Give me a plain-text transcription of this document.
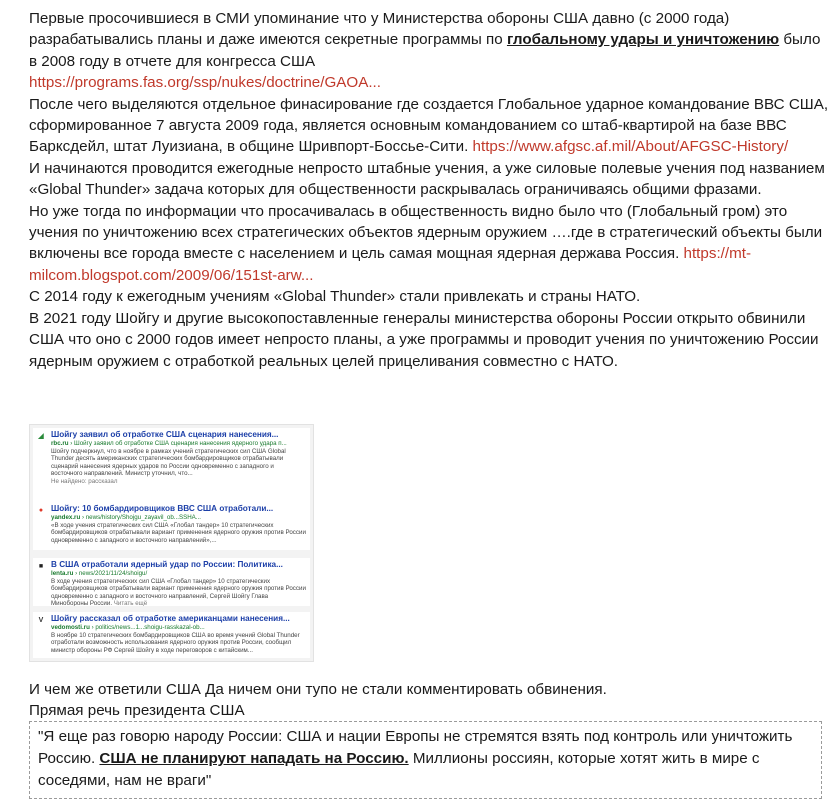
Первые просочившиеся в СМИ упоминание что у Министерства обороны США давно (с 2000 года) разрабатывались планы и даже имеются секретные программы по глобальному удары и уничтожению было в 2008 году в отчете для конгресса США

https://programs.fas.org/ssp/nukes/doctrine/GAOA...

После чего выделяются отдельное финасирование где создается Глобальное ударное командование ВВС США, сформированное 7 августа 2009 года, является основным командованием со штаб-квартирой на базе ВВС Барксдейл, штат Луизиана, в общине Шривпорт-Боссье-Сити. https://www.afgsc.af.mil/About/AFGSC-History/

И начинаются проводится ежегодные непросто штабные учения, а уже силовые полевые учения под названием «Global Thunder» задача которых для общественности раскрывалась ограничиваясь общими фразами.

Но уже тогда по информации что просачивалась в общественность видно было что (Глобальный гром) это учения по уничтожению всех стратегических объектов ядерным оружием ….где в стратегический объекты были включены все города вместе с населением и цель самая мощная ядерная держава Россия. https://mt-milcom.blogspot.com/2009/06/151st-arw...

С 2014 году к ежегодным учениям «Global Thunder» стали привлекать и страны НАТО.

В 2021 году Шойгу и другие высокопоставленные генералы министерства обороны России открыто обвинили США что оно с 2000 годов имеет непросто планы, а уже программы и проводит учения по уничтожению России ядерным оружием с отработкой реальных целей прицеливания совместно с НАТО.

◢ Шойгу заявил об отработке США сценария нанесения...
rbc.ru › Шойгу заявил об отработке США сценария нанесения ядерного удара п...
Шойгу подчеркнул, что в ноябре в рамках учений стратегических сил США Global Thunder десять американских стратегических бомбардировщиков отрабатывали сценарий нанесения ядерных ударов по России одновременно с западного и восточного направлений. Министр уточнил, что...
Не найдено: рассказал
● Шойгу: 10 бомбардировщиков ВВС США отработали...
yandex.ru › news/history/Shojgu_zayavil_ob...SSHA...
«В ходе учения стратегических сил США «Глобал тандер» 10 стратегических бомбардировщиков отрабатывали вариант применения ядерного оружия против России одновременно с западного и восточного направлений»,...
■ В США отработали ядерный удар по России: Политика...
lenta.ru › news/2021/11/24/shoigu/
В ходе учения стратегических сил США «Глобал тандер» 10 стратегических бомбардировщиков отрабатывали вариант применения ядерного оружия против России одновременно с западного и восточного направлений, Сергей Шойгу Глава Минобороны России. Читать ещё
V Шойгу рассказал об отработке американцами нанесения...
vedomosti.ru › politics/news...1...shoigu-rasskazal-ob...
В ноябре 10 стратегических бомбардировщиков США во время учений Global Thunder отработали возможность использования ядерного оружия против России, сообщил министр обороны РФ Сергей Шойгу в ходе переговоров с китайским...

И чем же ответили США Да ничем они тупо не стали комментировать обвинения.

Прямая речь президента США

"Я еще раз говорю народу России: США и нации Европы не стремятся взять под контроль или уничтожить Россию. США не планируют нападать на Россию. Миллионы россиян, которые хотят жить в мире с соседями, нам не враги"
